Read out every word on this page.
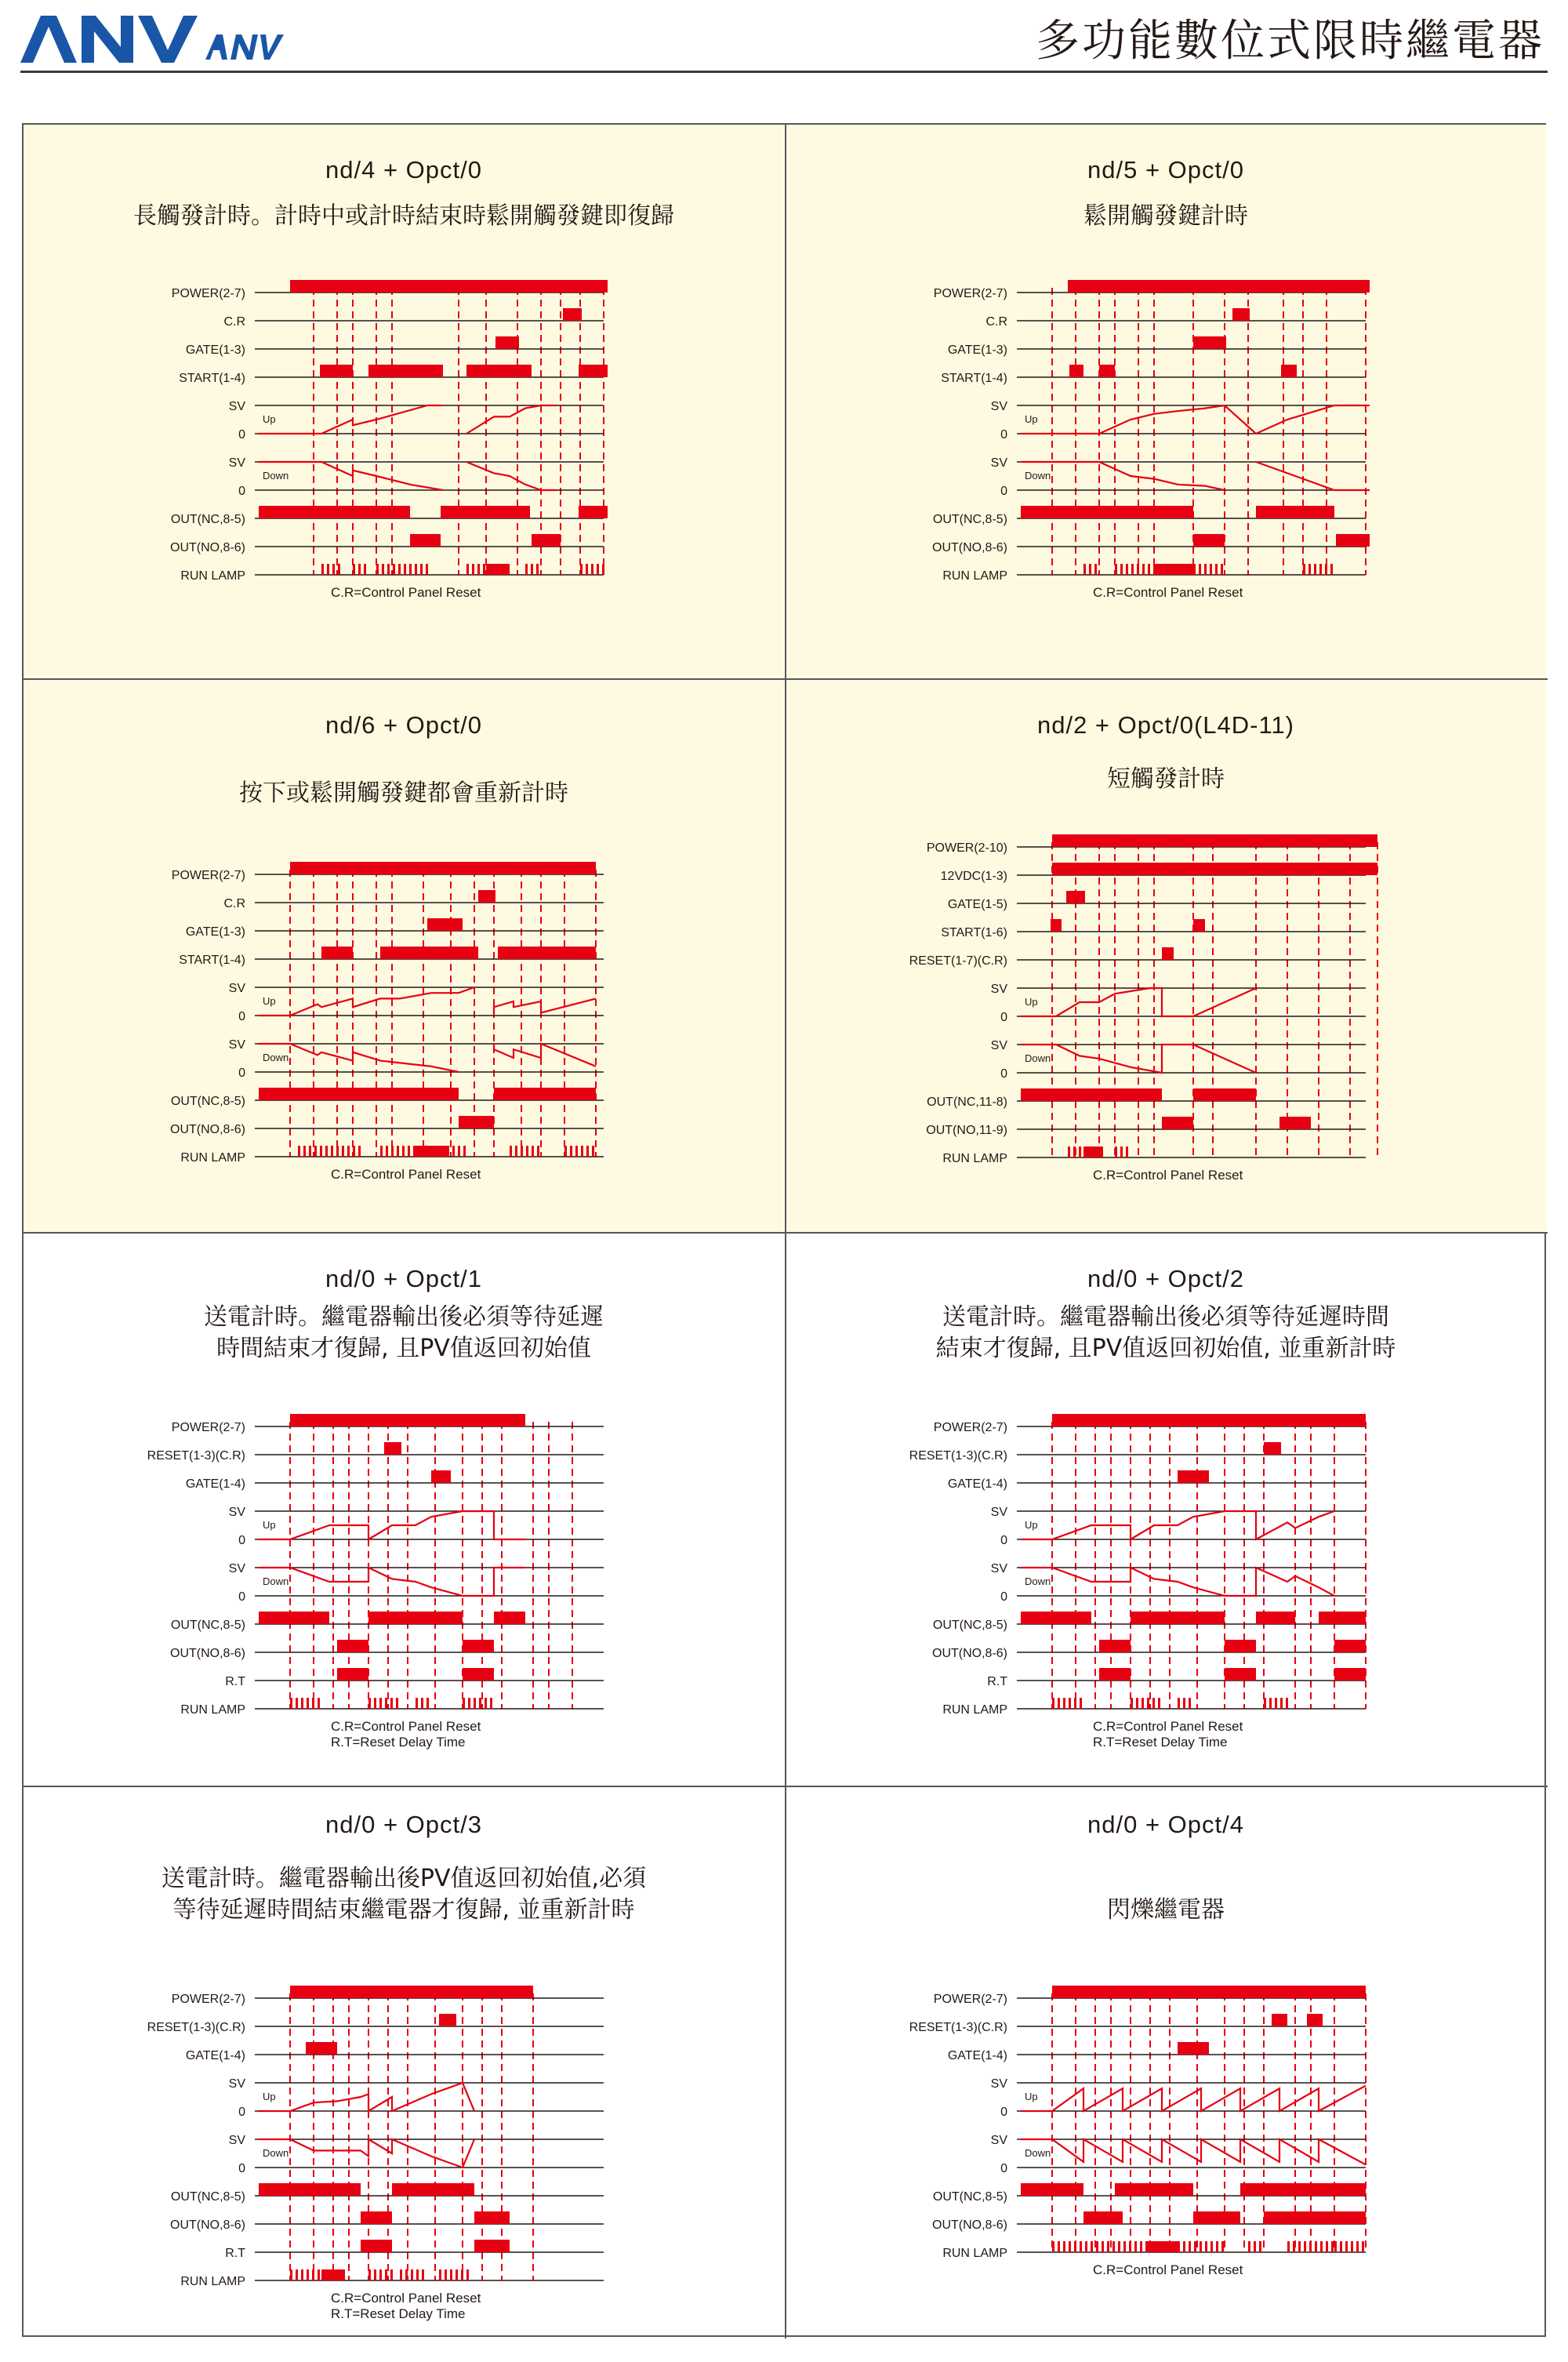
ANV
多功能數位式限時繼電器
nd/4 + Opct/0
長觸發計時。計時中或計時結束時鬆開觸發鍵即復歸
nd/5 + Opct/0
鬆開觸發鍵計時
nd/6 + Opct/0
按下或鬆開觸發鍵都會重新計時
nd/2 + Opct/0(L4D-11)
短觸發計時
nd/0 + Opct/1
送電計時。繼電器輸出後必須等待延遲
時間結束才復歸, 且PV值返回初始值
nd/0 + Opct/2
送電計時。繼電器輸出後必須等待延遲時間
結束才復歸, 且PV值返回初始值, 並重新計時
nd/0 + Opct/3
送電計時。繼電器輸出後PV值返回初始值,必須
等待延遲時間結束繼電器才復歸, 並重新計時
nd/0 + Opct/4
閃爍繼電器
POWER(2-7)
C.R
GATE(1-3)
START(1-4)
SV
0
SV
0
OUT(NC,8-5)
OUT(NO,8-6)
RUN LAMP
Up
Down
C.R=Control Panel Reset
POWER(2-7)
C.R
GATE(1-3)
START(1-4)
SV
0
SV
0
OUT(NC,8-5)
OUT(NO,8-6)
RUN LAMP
Up
Down
C.R=Control Panel Reset
POWER(2-7)
C.R
GATE(1-3)
START(1-4)
SV
0
SV
0
OUT(NC,8-5)
OUT(NO,8-6)
RUN LAMP
Up
Down
C.R=Control Panel Reset
POWER(2-10)
12VDC(1-3)
GATE(1-5)
START(1-6)
RESET(1-7)(C.R)
SV
0
SV
0
OUT(NC,11-8)
OUT(NO,11-9)
RUN LAMP
Up
Down
C.R=Control Panel Reset
POWER(2-7)
RESET(1-3)(C.R)
GATE(1-4)
SV
0
SV
0
OUT(NC,8-5)
OUT(NO,8-6)
R.T
RUN LAMP
Up
Down
C.R=Control Panel Reset
R.T=Reset Delay Time
POWER(2-7)
RESET(1-3)(C.R)
GATE(1-4)
SV
0
SV
0
OUT(NC,8-5)
OUT(NO,8-6)
R.T
RUN LAMP
Up
Down
C.R=Control Panel Reset
R.T=Reset Delay Time
POWER(2-7)
RESET(1-3)(C.R)
GATE(1-4)
SV
0
SV
0
OUT(NC,8-5)
OUT(NO,8-6)
R.T
RUN LAMP
Up
Down
C.R=Control Panel Reset
R.T=Reset Delay Time
POWER(2-7)
RESET(1-3)(C.R)
GATE(1-4)
SV
0
SV
0
OUT(NC,8-5)
OUT(NO,8-6)
RUN LAMP
Up
Down
C.R=Control Panel Reset
